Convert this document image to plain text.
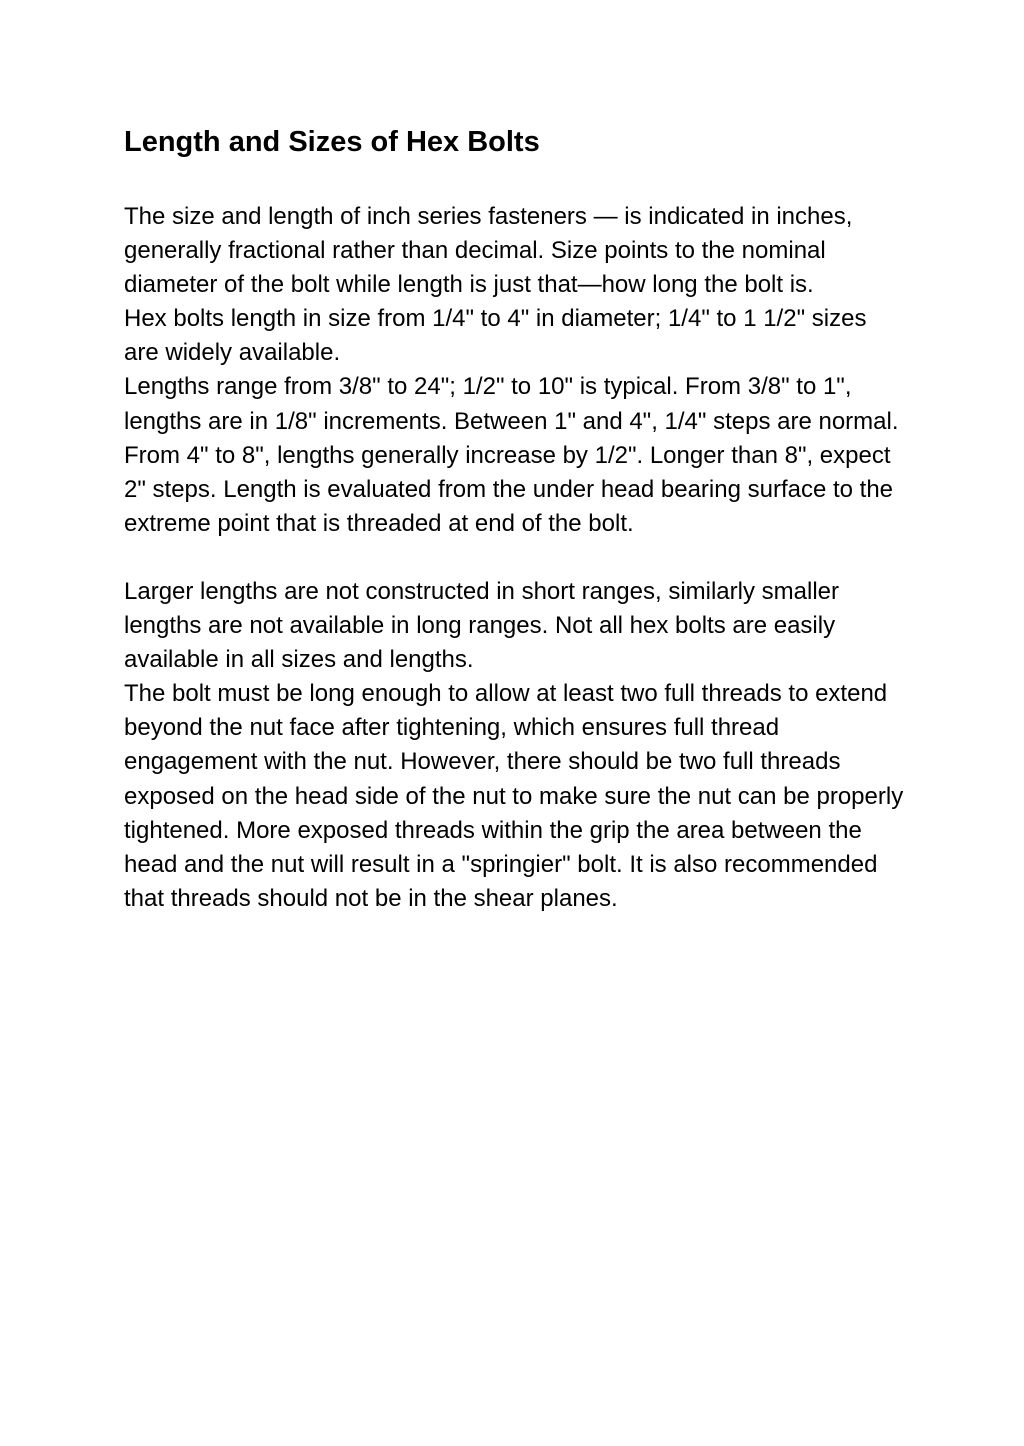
Length and Sizes of Hex Bolts

The size and length of inch series fasteners — is indicated in inches, generally fractional rather than decimal. Size points to the nominal diameter of the bolt while length is just that—how long the bolt is.

Hex bolts length in size from 1/4" to 4" in diameter; 1/4" to 1 1/2" sizes are widely available.

Lengths range from 3/8" to 24"; 1/2" to 10" is typical. From 3/8" to 1", lengths are in 1/8" increments. Between 1" and 4", 1/4" steps are normal. From 4" to 8", lengths generally increase by 1/2". Longer than 8", expect 2" steps. Length is evaluated from the under head bearing surface to the extreme point that is threaded at end of the bolt.

Larger lengths are not constructed in short ranges, similarly smaller lengths are not available in long ranges. Not all hex bolts are easily available in all sizes and lengths.

The bolt must be long enough to allow at least two full threads to extend beyond the nut face after tightening, which ensures full thread engagement with the nut. However, there should be two full threads exposed on the head side of the nut to make sure the nut can be properly tightened. More exposed threads within the grip the area between the head and the nut will result in a "springier" bolt. It is also recommended that threads should not be in the shear planes.
